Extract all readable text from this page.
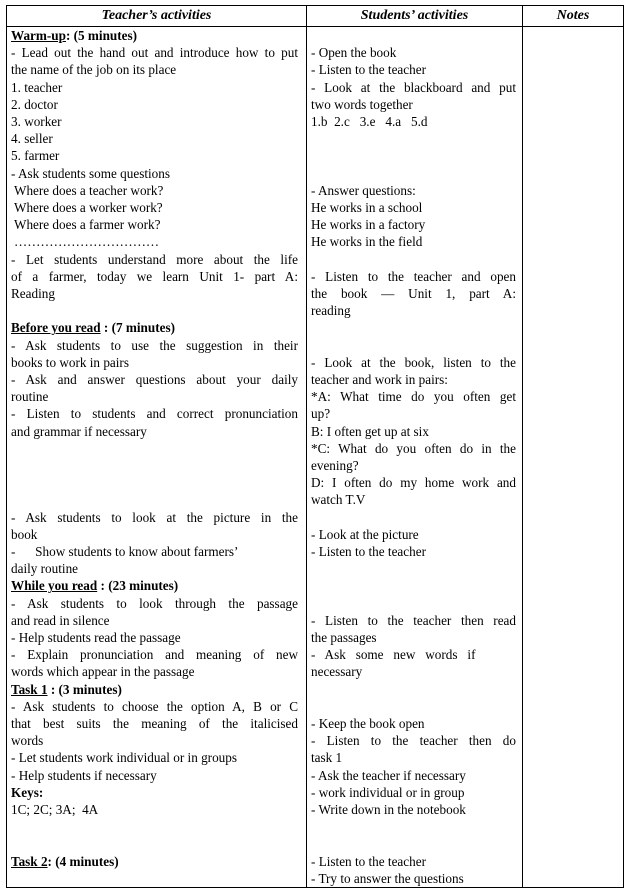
Teacher’s activities	Students’ activities	Notes
Warm-up: (5 minutes)
- Lead out the hand out and introduce how to put
the name of the job on its place
1. teacher
2. doctor
3. worker
4. seller
5. farmer
- Ask students some questions
Where does a teacher work?
Where does a worker work?
Where does a farmer work?
……………………………
- Let students understand more about the life
of a farmer, today we learn Unit 1- part A:
Reading
Before you read : (7 minutes)
- Ask students to use the suggestion in their
books to work in pairs
- Ask and answer questions about your daily
routine
- Listen to students and correct pronunciation
and grammar if necessary
- Ask students to look at the picture in the
book
-      Show students to know about farmers’
daily routine
While you read : (23 minutes)
- Ask students to look through the passage
and read in silence
- Help students read the passage
- Explain pronunciation and meaning of new
words which appear in the passage
Task 1 : (3 minutes)
- Ask students to choose the option A, B or C
that best suits the meaning of the italicised
words
- Let students work individual or in groups
- Help students if necessary
Keys:
1C; 2C; 3A;  4A
Task 2: (4 minutes)
- Open the book
- Listen to the teacher
- Look at the blackboard and put
two words together
1.b  2.c   3.e   4.a   5.d
- Answer questions:
He works in a school
He works in a factory
He works in the field
- Listen to the teacher and open
the book — Unit 1, part A:
reading
- Look at the book, listen to the
teacher and work in pairs:
*A: What time do you often get
up?
B: I often get up at six
*C: What do you often do in the
evening?
D: I often do my home work and
watch T.V
- Look at the picture
- Listen to the teacher
- Listen to the teacher then read
the passages
-   Ask   some   new   words   if
necessary
- Keep the book open
- Listen to the teacher then do
task 1
- Ask the teacher if necessary
- work individual or in group
- Write down in the notebook
- Listen to the teacher
- Try to answer the questions
